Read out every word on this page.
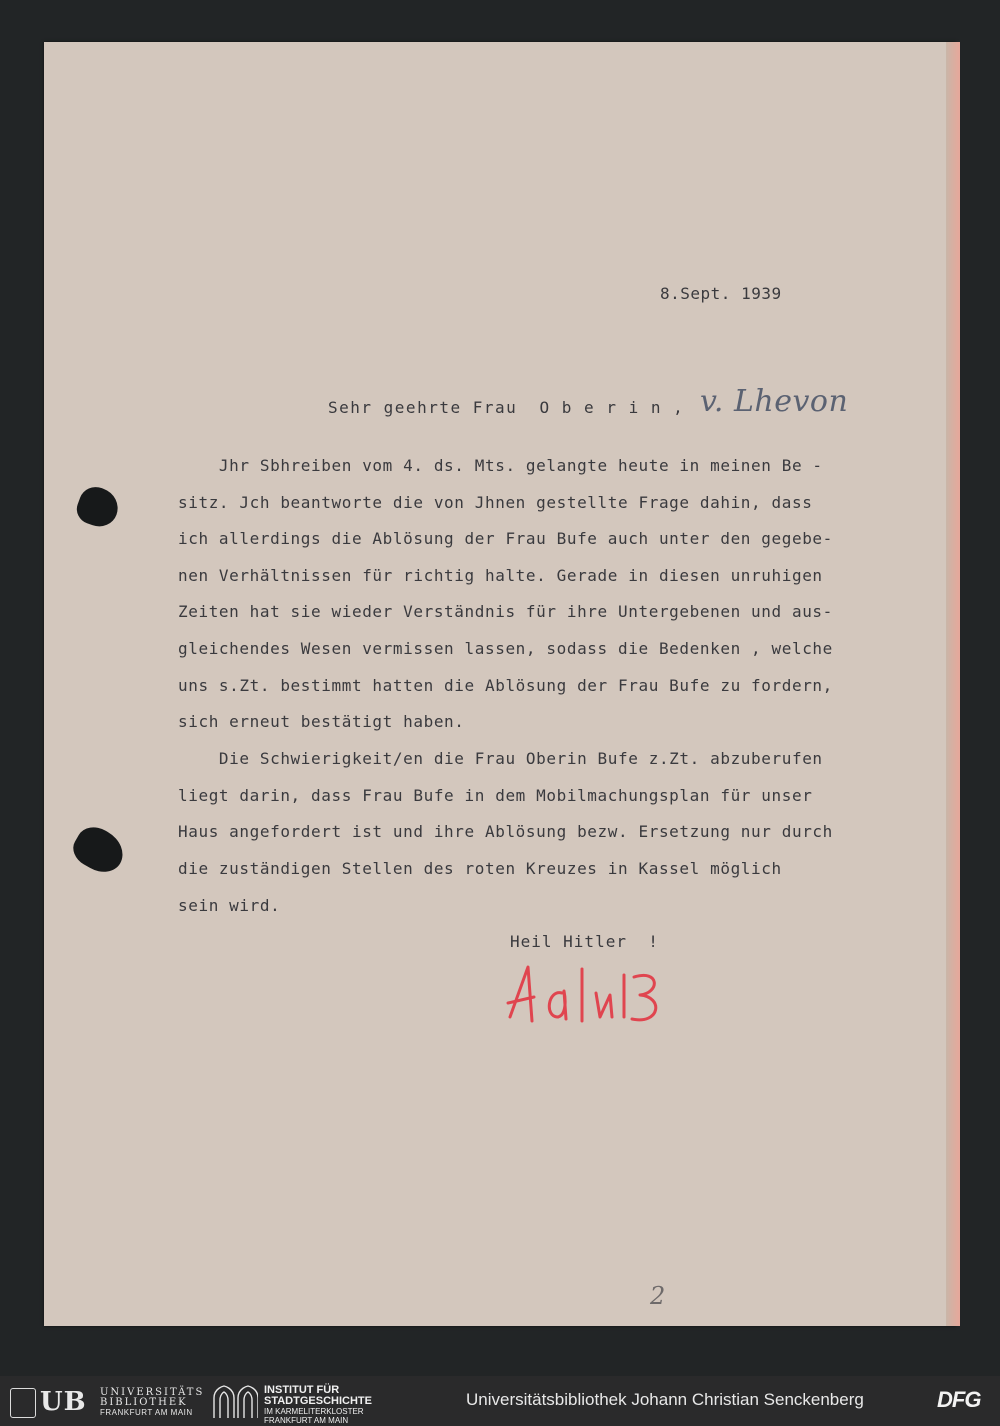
8.Sept. 1939
Sehr geehrte Frau  O b e r i n , v. Lhevon
Jhr Sbhreiben vom 4. ds. Mts. gelangte heute in meinen Be -
sitz. Jch beantworte die von Jhnen gestellte Frage dahin, dass
ich allerdings die Ablösung der Frau Bufe auch unter den gegebe-
nen Verhältnissen für richtig halte. Gerade in diesen unruhigen
Zeiten hat sie wieder Verständnis für ihre Untergebenen und aus-
gleichendes Wesen vermissen lassen, sodass die Bedenken , welche
uns s.Zt. bestimmt hatten die Ablösung der Frau Bufe zu fordern,
sich erneut bestätigt haben.
Die Schwierigkeit/en die Frau Oberin Bufe z.Zt. abzuberufen
liegt darin, dass Frau Bufe in dem Mobilmachungsplan für unser
Haus angefordert ist und ihre Ablösung bezw. Ersetzung nur durch
die zuständigen Stellen des roten Kreuzes in Kassel möglich
sein wird.
Heil Hitler  !
2
UB UNIVERSITÄTS
BIBLIOTHEK
FRANKFURT AM MAIN
INSTITUT FÜR
STADTGESCHICHTE
IM KARMELITERKLOSTER
FRANKFURT AM MAIN
Universitätsbibliothek Johann Christian Senckenberg	DFG
